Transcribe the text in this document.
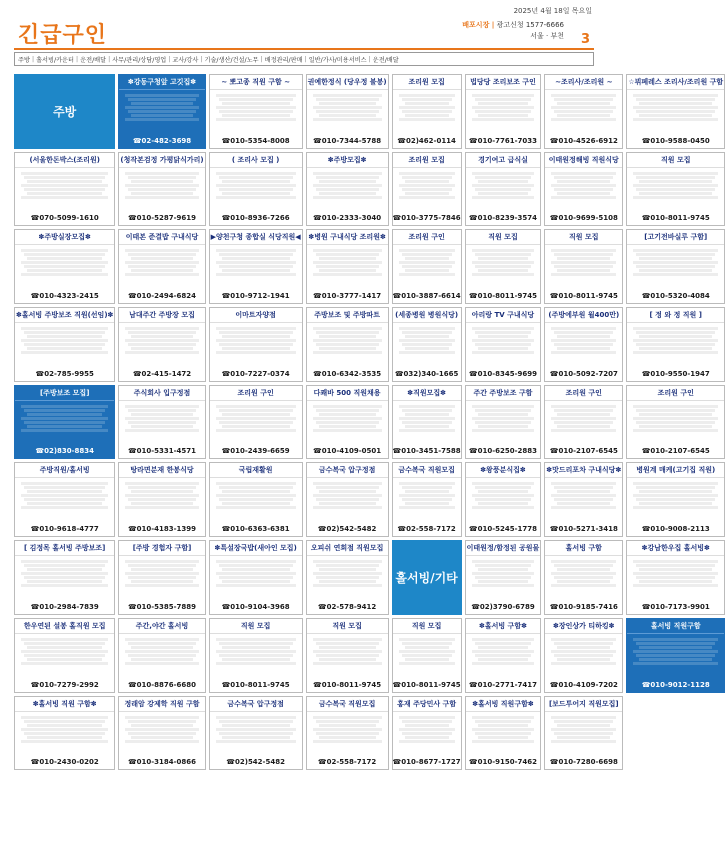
긴급구인
2025년 4월 18일 목요일
배포시장 | 광고신청 1577-6666
서울 · 부천 3
주방 | 홀서빙/카운터 | 운전/배달 | 사무/관리/상담/영업 | 교사/강사 | 기술/생산/건설/노무 | 배정관리/판매 | 일반/가사/미용서비스 | 운전/배달
주방
✽강동구청앞 고깃집✽
☎02-482-3698
~ 뽀고종 직원 구함 ~
☎010-5354-8008
권예한정식 (당우정 불봉)
☎010-7344-5788
조리원 모집
☎02)462-0114
법당당 조리보조 구인
☎010-7761-7033
~조리사/조리원 ~
☎010-4526-6912
☆뷔페레스 조리사/조리원 구함
☎010-9588-0450
(서울한돈박스(조리원)
☎070-5099-1610
(청작본검정 가평닭식가리)
☎010-5287-9619
( 조리사 모집 )
☎010-8936-7266
✽주방모집✽
☎010-2333-3040
조리원 모집
☎010-3775-7846
경기여고 급식실
☎010-8239-3574
이태원정해빙 직원식당
☎010-9699-5108
직원 모집
☎010-8011-9745
✽주방실장모집✽
☎010-4323-2415
이태본 준결밥 구내식당
☎010-2494-6824
▶양천구청 종합실 식당직원◀
☎010-9712-1941
✽병원 구내식당 조리원✽
☎010-3777-1417
조리원 구인
☎010-3887-6614
직원 모집
☎010-8011-9745
직원 모집
☎010-8011-9745
[고기전바실루 구함]
☎010-5320-4084
✽홀서빙 주방보조 직원(선임)✽
☎02-785-9955
남대주간 주방장 모집
☎02-415-1472
이마트자양점
☎010-7227-0374
주방보조 및 주방파트
☎010-6342-3535
(세종병원 병원식당)
☎032)340-1665
아리랑 TV 구내식당
☎010-8345-9699
(주방에부원 월400만)
☎010-5092-7207
[ 정 와 정 직원 ]
☎010-9550-1947
[주방보조 모집]
☎02)830-8834
주식회사 입구정점
☎010-5331-4571
조리원 구인
☎010-2439-6659
다꽤바 500 직원채용
☎010-4109-0501
✽직원모집✽
☎010-3451-7588
주간 주방보조 구함
☎010-6250-2883
조리원 구인
☎010-2107-6545
조리원 구인
☎010-2107-6545
주방직원/홀서빙
☎010-9618-4777
탕라면분재 한봉식당
☎010-4183-1399
국립재활원
☎010-6363-6381
금수복국 압구정점
☎02)542-5482
금수복국 직원모집
☎02-558-7172
✽왕풍분식집✽
☎010-5245-1778
✽맛드리포차 구내식당✽
☎010-5271-3418
병원계 매케(고기집 직원)
☎010-9008-2113
[ 김정목 홀서빙 주방보조]
☎010-2984-7839
[주방 경험자 구함]
☎010-5385-7889
✽특설장국밥(새아인 모집)
☎010-9104-3968
오피쉬 연희점 직원모집
☎02-578-9412
홀서빙/기타
이태원정/함정된 공원물
☎02)3790-6789
홀서빙 구함
☎010-9185-7416
✽강남한우집 홀서빙✽
☎010-7173-9901
한우연된 설봉 홀직원 모집
☎010-7279-2992
주간,야간 홀서빙
☎010-8876-6680
직원 모집
☎010-8011-9745
직원 모집
☎010-8011-9745
직원 모집
☎010-8011-9745
✽홀서빙 구함✽
☎010-2771-7417
✽장인상가 티하킹✽
☎010-4109-7202
홀서빙 직원구함
☎010-9012-1128
✽홀서빙 직원 구함✽
☎010-2430-0202
정래암 강제학 직원 구함
☎010-3184-0866
금수복국 압구정점
☎02)542-5482
금수복국 직원모집
☎02-558-7172
홍재 주당민사 구함
☎010-8677-1727
✽홀서빙 직원구함✽
☎010-9150-7462
[보드투어지 직원모집]
☎010-7280-6698
